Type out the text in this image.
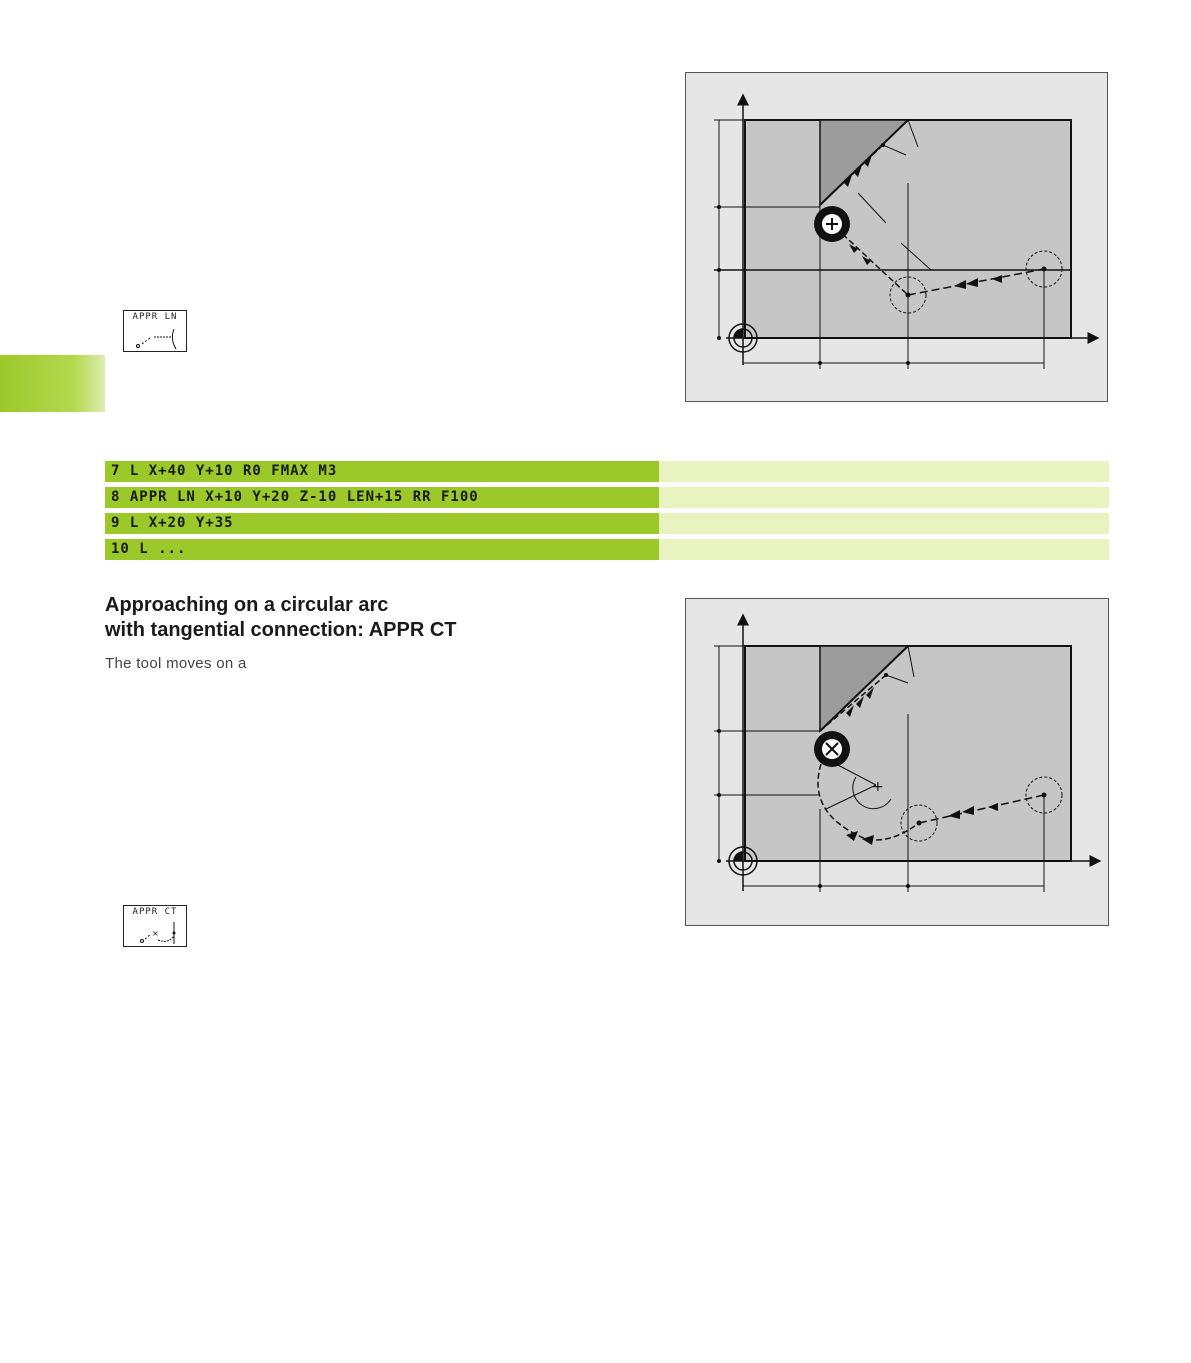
APPR LN
7 L X+40 Y+10 R0 FMAX M3
8 APPR LN X+10 Y+20 Z-10 LEN+15 RR F100
9 L X+20 Y+35
10 L ...
Approaching on a circular arc
with tangential connection: APPR CT
The tool moves on a
+
APPR CT
×
